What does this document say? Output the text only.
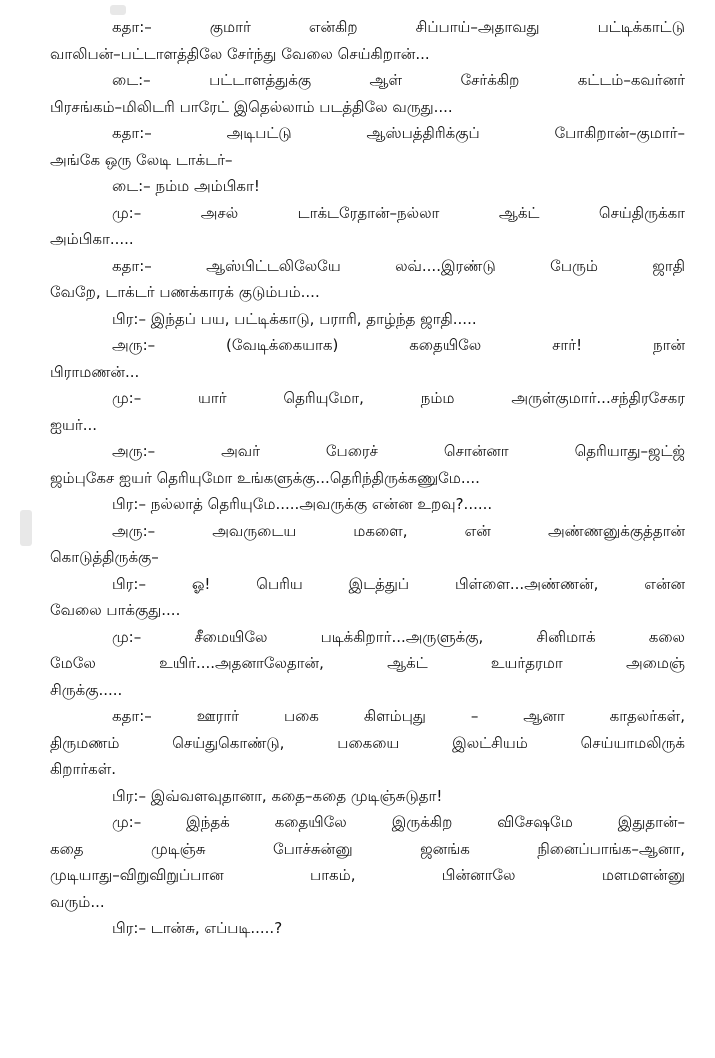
கதா:– குமார் என்கிற சிப்பாய்–அதாவது பட்டிக்காட்டு
வாலிபன்–பட்டாளத்திலே சேர்ந்து வேலை செய்கிறான்...
டை:– பட்டாளத்துக்கு ஆள் சேர்க்கிற கட்டம்–கவர்னர்
பிரசங்கம்–மிலிடரி பாரேட் இதெல்லாம் படத்திலே வருது....
கதா:– அடிபட்டு ஆஸ்பத்திரிக்குப் போகிறான்–குமார்–
அங்கே ஒரு லேடி டாக்டர்–
டை:– நம்ம அம்பிகா!
மு:– அசல் டாக்டரேதான்–நல்லா ஆக்ட் செய்திருக்கா
அம்பிகா.....
கதா:– ஆஸ்பிட்டலிலேயே லவ்....இரண்டு பேரும் ஜாதி
வேறே, டாக்டர் பணக்காரக் குடும்பம்....
பிர:– இந்தப் பய, பட்டிக்காடு, பராரி, தாழ்ந்த ஜாதி.....
அரு:– (வேடிக்கையாக) கதையிலே சார்! நான்
பிராமணன்...
மு:– யார் தெரியுமோ, நம்ம அருள்குமார்...சந்திரசேகர
ஐயர்...
அரு:– அவர் பேரைச் சொன்னா தெரியாது–ஜட்ஜ்
ஜம்புகேச ஐயர் தெரியுமோ உங்களுக்கு...தெரிந்திருக்கணுமே....
பிர:– நல்லாத் தெரியுமே.....அவருக்கு என்ன உறவு?......
அரு:– அவருடைய மகளை, என் அண்ணனுக்குத்தான்
கொடுத்திருக்கு–
பிர:– ஓ! பெரிய இடத்துப் பிள்ளை...அண்ணன், என்ன
வேலை பாக்குது....
மு:– சீமையிலே படிக்கிறார்...அருளுக்கு, சினிமாக் கலை
மேலே உயிர்....அதனாலேதான், ஆக்ட் உயர்தரமா அமைஞ்
சிருக்கு.....
கதா:– ஊரார் பகை கிளம்புது – ஆனா காதலர்கள்,
திருமணம் செய்துகொண்டு, பகையை இலட்சியம் செய்யாமலிருக்
கிறார்கள்.
பிர:– இவ்வளவுதானா, கதை–கதை முடிஞ்சுடுதா!
மு:– இந்தக் கதையிலே இருக்கிற விசேஷமே இதுதான்–
கதை முடிஞ்சு போச்சுன்னு ஜனங்க நினைப்பாங்க–ஆனா,
முடியாது–விறுவிறுப்பான பாகம், பின்னாலே மளமளன்னு
வரும்...
பிர:– டான்சு, எப்படி.....?
